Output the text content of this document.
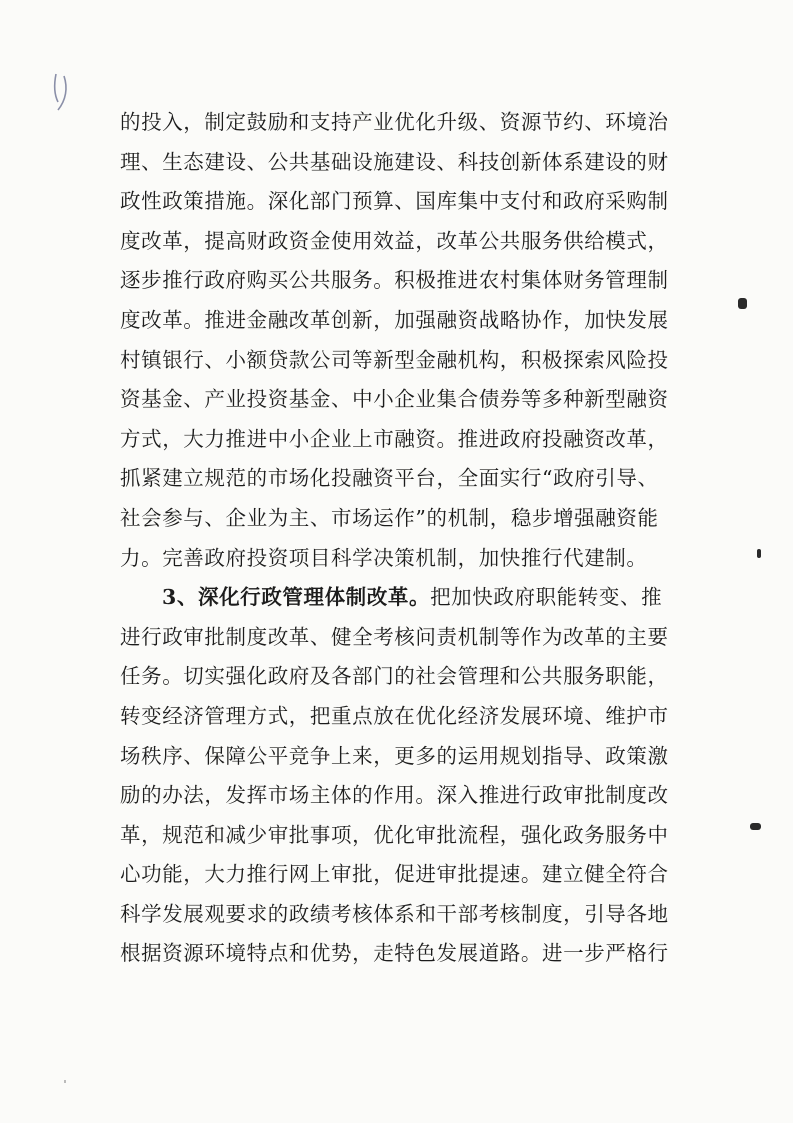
的投入，制定鼓励和支持产业优化升级、资源节约、环境治
理、生态建设、公共基础设施建设、科技创新体系建设的财
政性政策措施。深化部门预算、国库集中支付和政府采购制
度改革，提高财政资金使用效益，改革公共服务供给模式，
逐步推行政府购买公共服务。积极推进农村集体财务管理制
度改革。推进金融改革创新，加强融资战略协作，加快发展
村镇银行、小额贷款公司等新型金融机构，积极探索风险投
资基金、产业投资基金、中小企业集合债券等多种新型融资
方式，大力推进中小企业上市融资。推进政府投融资改革，
抓紧建立规范的市场化投融资平台，全面实行“政府引导、
社会参与、企业为主、市场运作”的机制，稳步增强融资能
力。完善政府投资项目科学决策机制，加快推行代建制。
3、深化行政管理体制改革。把加快政府职能转变、推
进行政审批制度改革、健全考核问责机制等作为改革的主要
任务。切实强化政府及各部门的社会管理和公共服务职能，
转变经济管理方式，把重点放在优化经济发展环境、维护市
场秩序、保障公平竞争上来，更多的运用规划指导、政策激
励的办法，发挥市场主体的作用。深入推进行政审批制度改
革，规范和减少审批事项，优化审批流程，强化政务服务中
心功能，大力推行网上审批，促进审批提速。建立健全符合
科学发展观要求的政绩考核体系和干部考核制度，引导各地
根据资源环境特点和优势，走特色发展道路。进一步严格行
